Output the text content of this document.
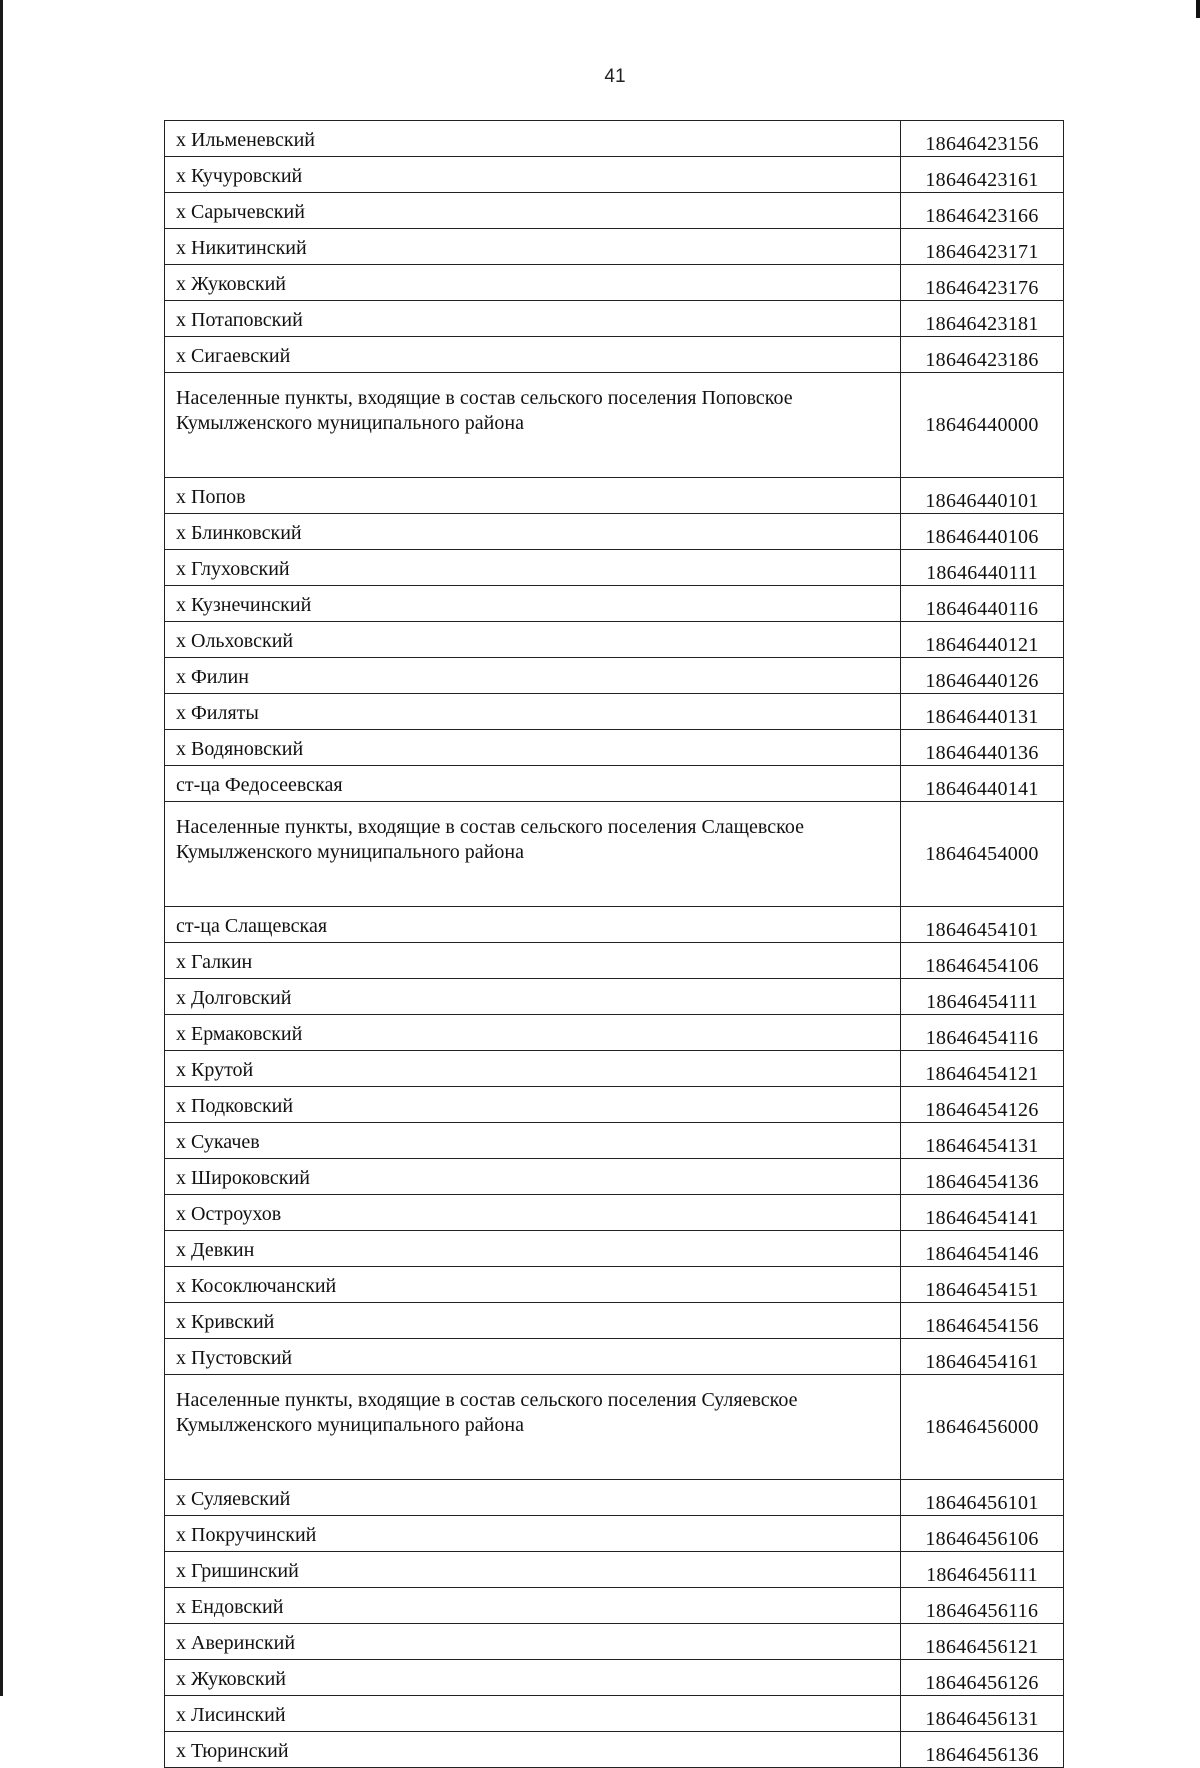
41
х Ильменевский	18646423156
х Кучуровский	18646423161
х Сарычевский	18646423166
х Никитинский	18646423171
х Жуковский	18646423176
х Потаповский	18646423181
х Сигаевский	18646423186
Населенные пункты, входящие в состав сельского поселения Поповское Кумылженского муниципального района	18646440000
х Попов	18646440101
х Блинковский	18646440106
х Глуховский	18646440111
х Кузнечинский	18646440116
х Ольховский	18646440121
х Филин	18646440126
х Филяты	18646440131
х Водяновский	18646440136
ст-ца Федосеевская	18646440141
Населенные пункты, входящие в состав сельского поселения Слащевское Кумылженского муниципального района	18646454000
ст-ца Слащевская	18646454101
х Галкин	18646454106
х Долговский	18646454111
х Ермаковский	18646454116
х Крутой	18646454121
х Подковский	18646454126
х Сукачев	18646454131
х Широковский	18646454136
х Остроухов	18646454141
х Девкин	18646454146
х Косоключанский	18646454151
х Кривский	18646454156
х Пустовский	18646454161
Населенные пункты, входящие в состав сельского поселения Суляевское Кумылженского муниципального района	18646456000
х Суляевский	18646456101
х Покручинский	18646456106
х Гришинский	18646456111
х Ендовский	18646456116
х Аверинский	18646456121
х Жуковский	18646456126
х Лисинский	18646456131
х Тюринский	18646456136
